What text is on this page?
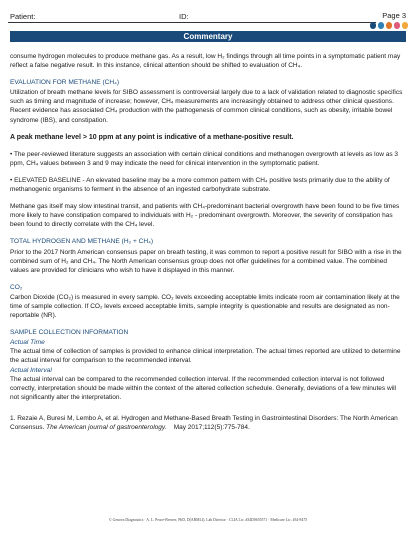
Patient:	ID:	Page 3
Commentary

consume hydrogen molecules to produce methane gas. As a result, low H₂ findings through all time points in a symptomatic patient may reflect a false negative result. In this instance, clinical attention should be shifted to evaluation of CH₄.

EVALUATION FOR METHANE (CH₄)

Utilization of breath methane levels for SIBO assessment is controversial largely due to a lack of validation related to diagnostic specifics such as timing and magnitude of increase; however, CH₄ measurements are increasingly obtained to address other clinical questions. Recent evidence has associated CH₄ production with the pathogenesis of common clinical conditions, such as obesity, irritable bowel syndrome (IBS), and constipation.

A peak methane level > 10 ppm at any point is indicative of a methane-positive result.

• The peer-reviewed literature suggests an association with certain clinical conditions and methanogen overgrowth at levels as low as 3 ppm, CH₄ values between 3 and 9 may indicate the need for clinical intervention in the symptomatic patient.

• ELEVATED BASELINE - An elevated baseline may be a more common pattern with CH₄ positive tests primarily due to the ability of methanogenic organisms to ferment in the absence of an ingested carbohydrate substrate.

Methane gas itself may slow intestinal transit, and patients with CH₄-predominant bacterial overgrowth have been found to be five times more likely to have constipation compared to individuals with H₂ - predominant overgrowth. Moreover, the severity of constipation has been found to directly correlate with the CH₄ level.

TOTAL HYDROGEN AND METHANE (H₂ + CH₄)

Prior to the 2017 North American consensus paper on breath testing, it was common to report a positive result for SIBO with a rise in the combined sum of H₂ and CH₄. The North American consensus group does not offer guidelines for a combined value. The combined values are provided for clinicians who wish to have it displayed in this manner.

CO₂

Carbon Dioxide (CO₂) is measured in every sample. CO₂ levels exceeding acceptable limits indicate room air contamination likely at the time of sample collection. If CO₂ levels exceed acceptable limits, sample integrity is questionable and results are designated as non-reportable (NR).

SAMPLE COLLECTION INFORMATION
Actual Time

The actual time of collection of samples is provided to enhance clinical interpretation. The actual times reported are utilized to determine the actual interval for comparison to the recommended interval.

Actual Interval

The actual interval can be compared to the recommended collection interval. If the recommended collection interval is not followed correctly, interpretation should be made within the context of the altered collection schedule. Generally, deviations of a few minutes will not significantly alter the interpretation.

1. Rezaie A, Buresi M, Lembo A, et al. Hydrogen and Methane-Based Breath Testing in Gastrointestinal Disorders: The North American Consensus. The American journal of gastroenterology. May 2017;112(5):775-784.

© Genova Diagnostics · A. L. Peace-Brewer, PhD, D(ABMLI), Lab Director · CLIA Lic. #34D0655571 · Medicare Lic. #34-8475
